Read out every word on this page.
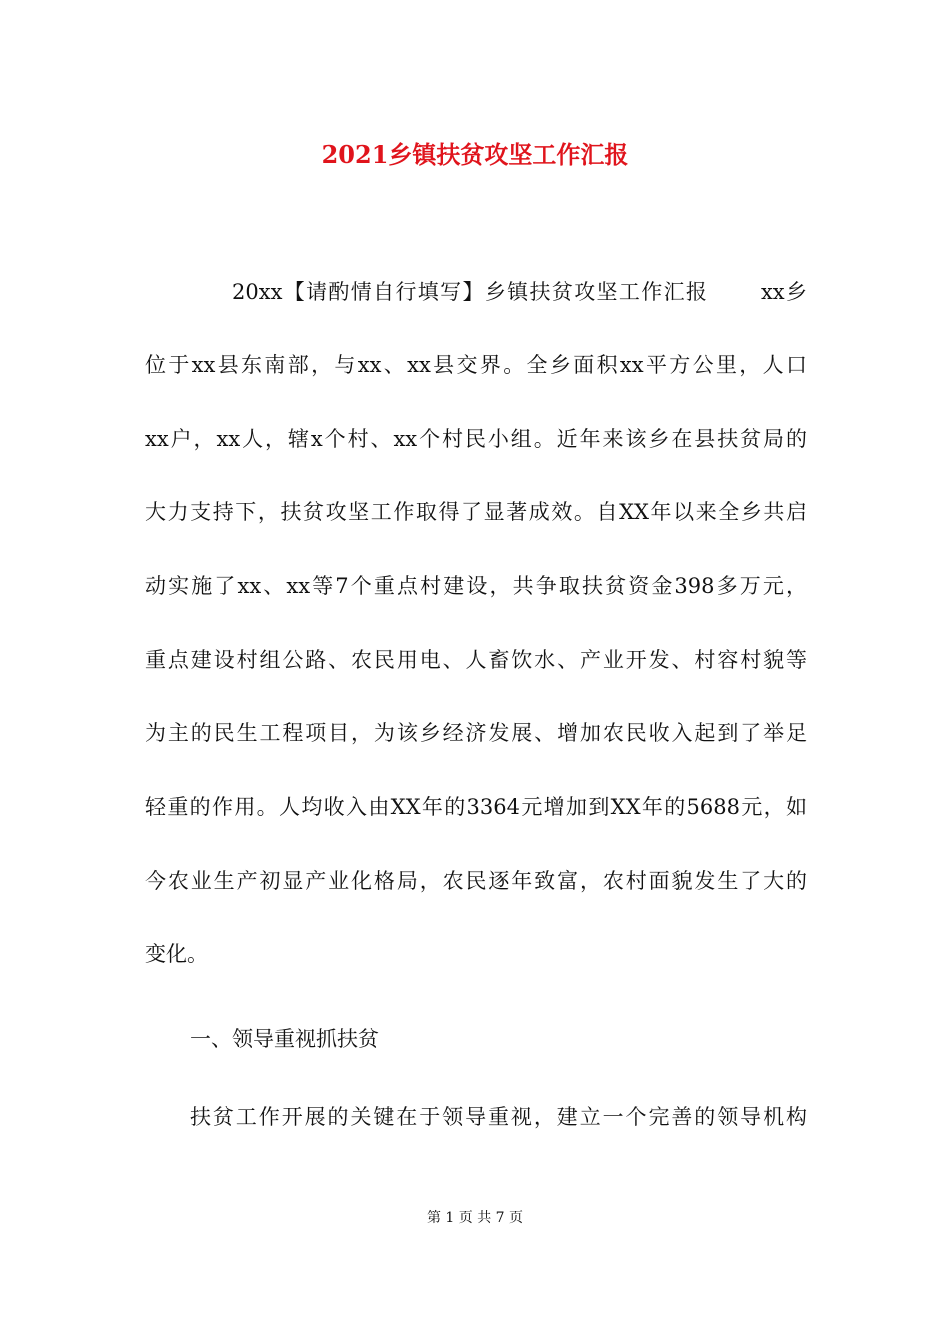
2021乡镇扶贫攻坚工作汇报
20xx【请酌情自行填写】乡镇扶贫攻坚工作汇报　　 xx乡
位于xx县东南部，与xx、xx县交界。全乡面积xx平方公里，人口
xx户，xx人，辖x个村、xx个村民小组。近年来该乡在县扶贫局的
大力支持下，扶贫攻坚工作取得了显著成效。自XX年以来全乡共启
动实施了xx、xx等7个重点村建设，共争取扶贫资金398多万元，
重点建设村组公路、农民用电、人畜饮水、产业开发、村容村貌等
为主的民生工程项目，为该乡经济发展、增加农民收入起到了举足
轻重的作用。人均收入由XX年的3364元增加到XX年的5688元，如
今农业生产初显产业化格局，农民逐年致富，农村面貌发生了大的
变化。
一、领导重视抓扶贫
扶贫工作开展的关键在于领导重视，建立一个完善的领导机构
第 1 页 共 7 页
